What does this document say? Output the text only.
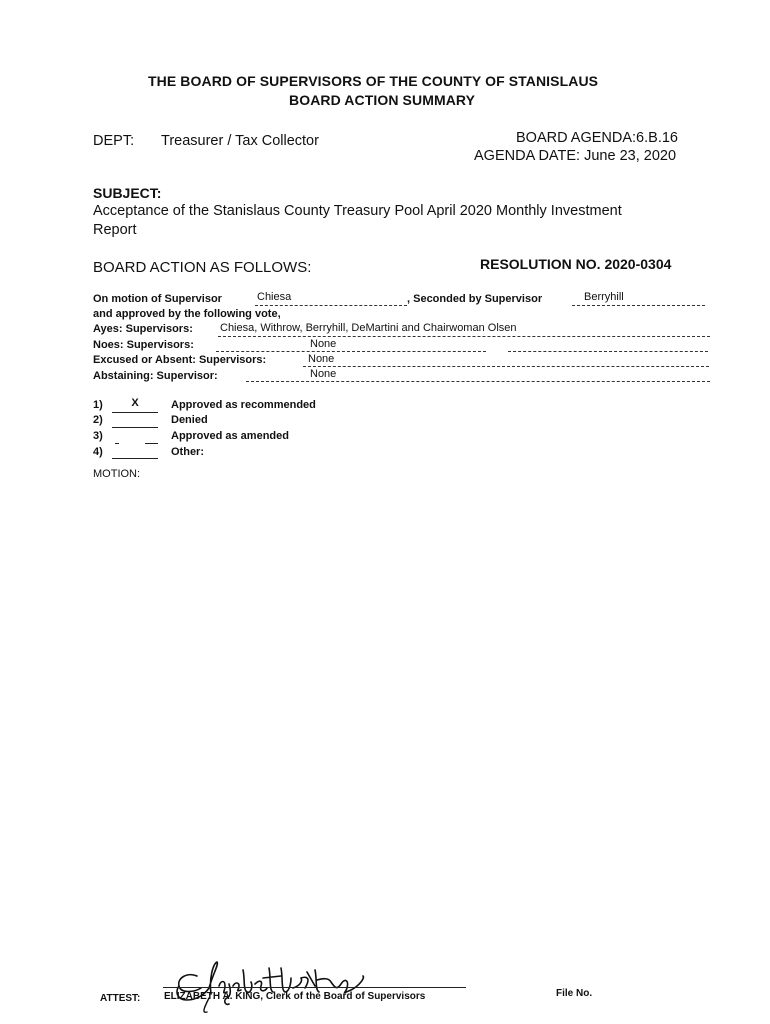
THE BOARD OF SUPERVISORS OF THE COUNTY OF STANISLAUS
BOARD ACTION SUMMARY
DEPT: Treasurer / Tax Collector	BOARD AGENDA:6.B.16
AGENDA DATE: June 23, 2020
SUBJECT:
Acceptance of the Stanislaus County Treasury Pool April 2020 Monthly Investment
Report
BOARD ACTION AS FOLLOWS:	RESOLUTION NO. 2020-0304
On motion of Supervisor	Chiesa	, Seconded by Supervisor	Berryhill
and approved by the following vote,
Ayes: Supervisors: Chiesa, Withrow, Berryhill, DeMartini and Chairwoman Olsen
Noes: Supervisors:	None
Excused or Absent: Supervisors:	None
Abstaining: Supervisor:	None
1)	X	Approved as recommended
2)	Denied
3)	Approved as amended
4)	Other:
MOTION:
ATTEST: ELIZABETH A. KING, Clerk of the Board of Supervisors	File No.
